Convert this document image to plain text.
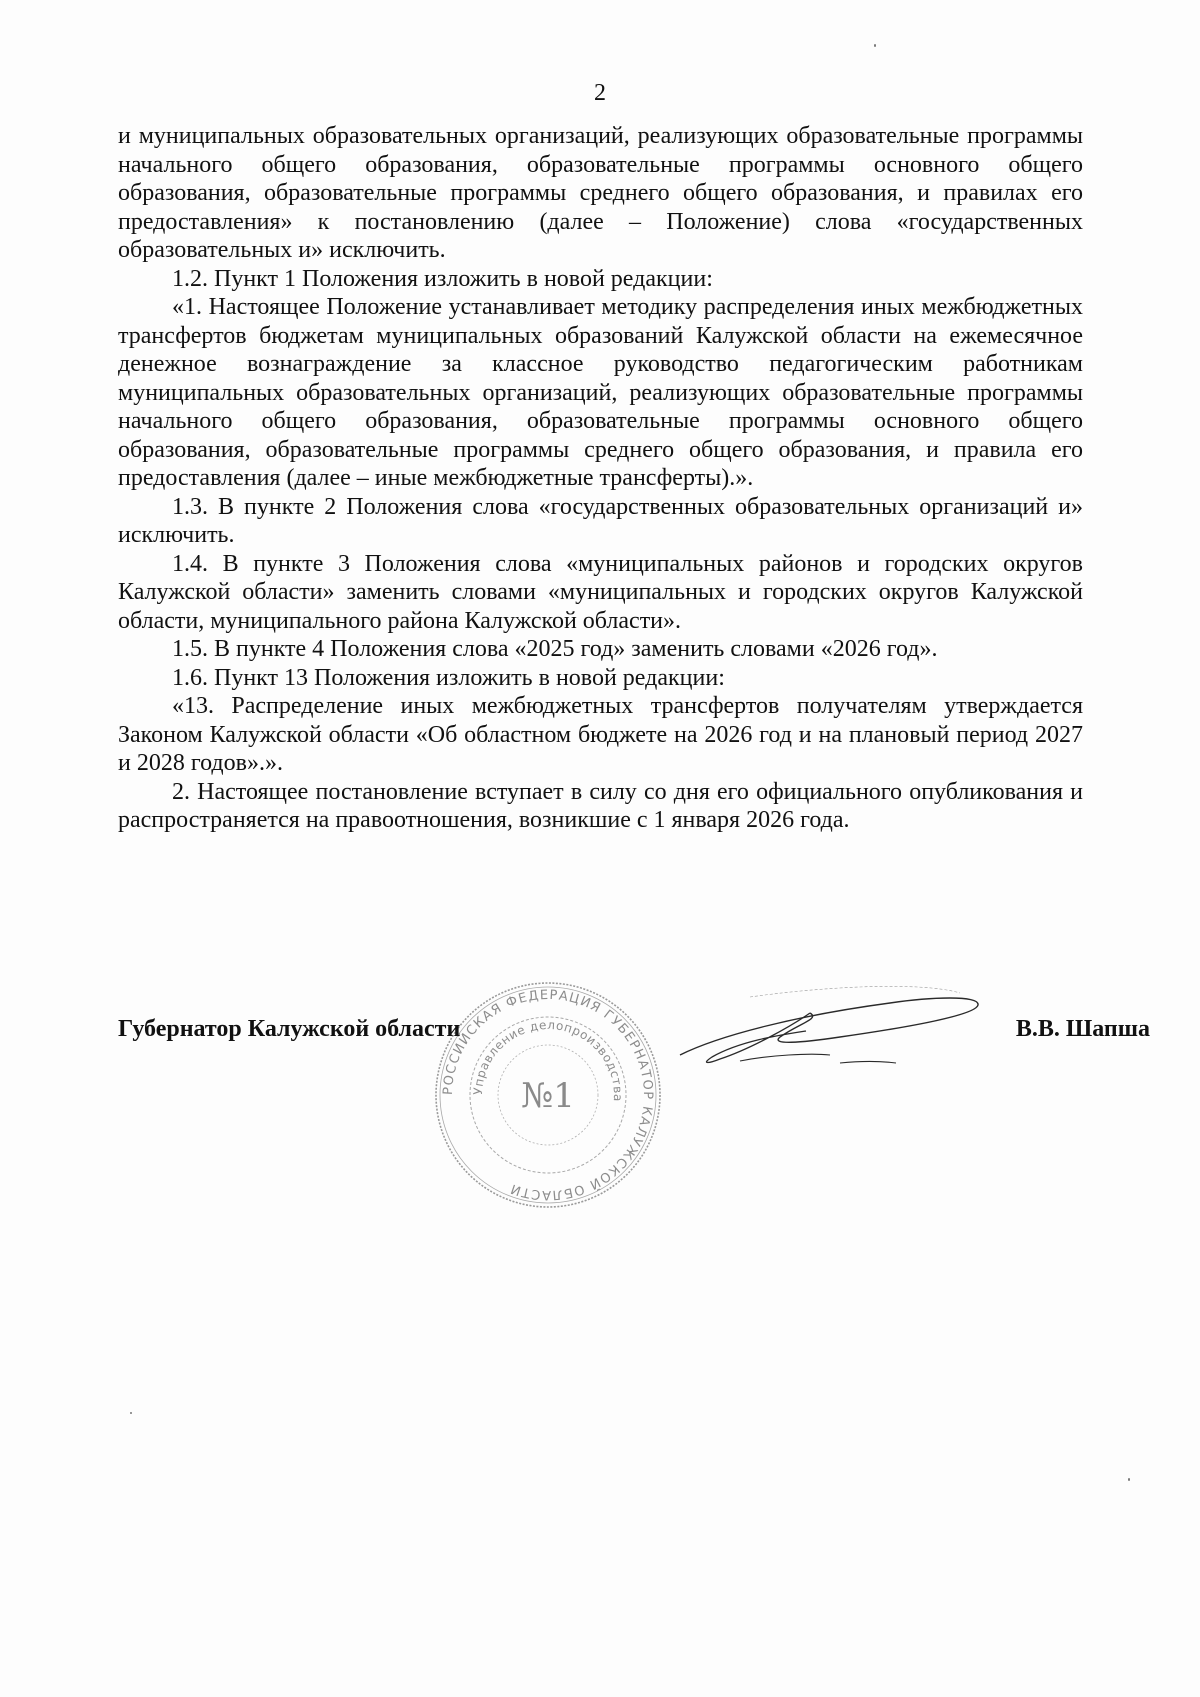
2

и муниципальных образовательных организаций, реализующих образовательные программы начального общего образования, образовательные программы основного общего образования, образовательные программы среднего общего образования, и правилах его предоставления» к постановлению (далее – Положение) слова «государственных образовательных и» исключить.

1.2. Пункт 1 Положения изложить в новой редакции:

«1. Настоящее Положение устанавливает методику распределения иных межбюджетных трансфертов бюджетам муниципальных образований Калужской области на ежемесячное денежное вознаграждение за классное руководство педагогическим работникам муниципальных образовательных организаций, реализующих образовательные программы начального общего образования, образовательные программы основного общего образования, образовательные программы среднего общего образования, и правила его предоставления (далее – иные межбюджетные трансферты).».

1.3. В пункте 2 Положения слова «государственных образовательных организаций и» исключить.

1.4. В пункте 3 Положения слова «муниципальных районов и городских округов Калужской области» заменить словами «муниципальных и городских округов Калужской области, муниципального района Калужской области».

1.5. В пункте 4 Положения слова «2025 год» заменить словами «2026 год».

1.6. Пункт 13 Положения изложить в новой редакции:

«13. Распределение иных межбюджетных трансфертов получателям утверждается Законом Калужской области «Об областном бюджете на 2026 год и на плановый период 2027 и 2028 годов».».

2. Настоящее постановление вступает в силу со дня его официального опубликования и распространяется на правоотношения, возникшие с 1 января 2026 года.

РОССИЙСКАЯ ФЕДЕРАЦИЯ ГУБЕРНАТОР КАЛУЖСКОЙ ОБЛАСТИ
Управление делопроизводства
№1
Губернатор Калужской области	В.В. Шапша
